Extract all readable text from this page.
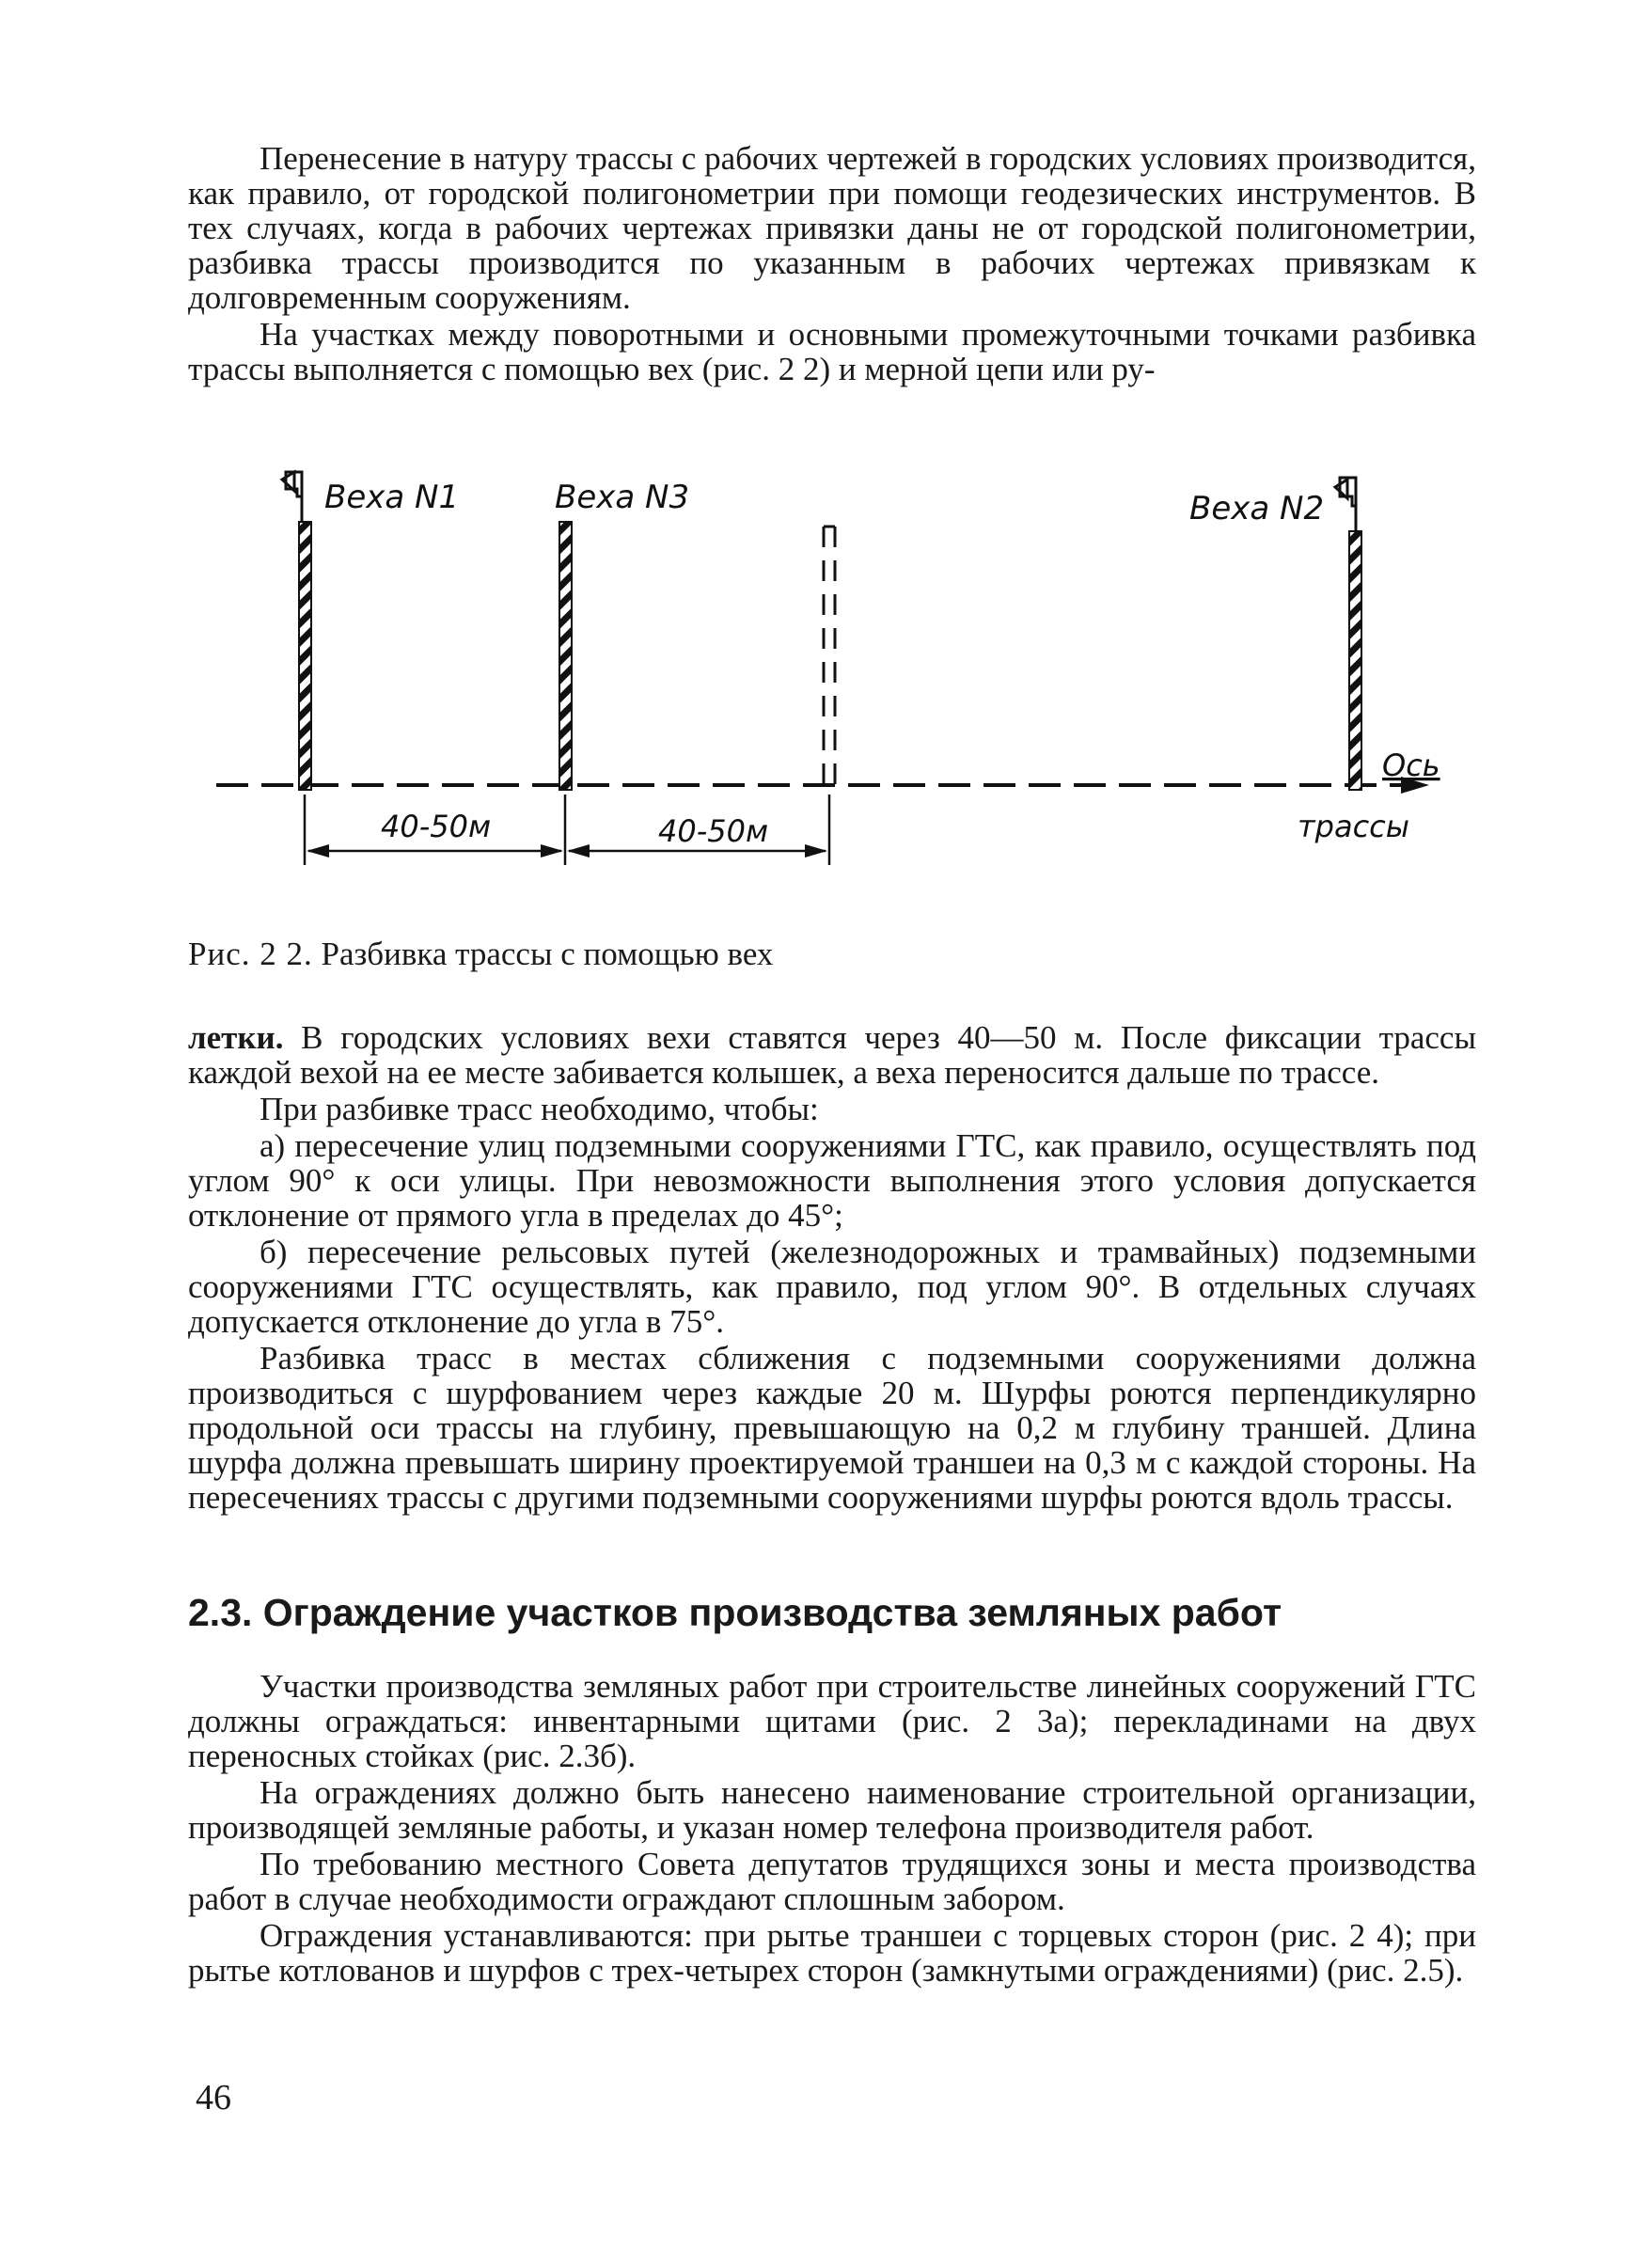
Перенесение в натуру трассы с рабочих чертежей в городских условиях производится, как правило, от городской полигонометрии при помощи геодезических инструментов. В тех случаях, когда в рабочих чертежах привязки даны не от городской полигонометрии, разбивка трассы производится по указанным в рабочих чертежах привязкам к долговременным сооружениям.

На участках между поворотными и основными промежуточными точками разбивка трассы выполняется с помощью вех (рис. 2 2) и мерной цепи или ру-

Веха N1	Веха N3	Веха N2
Ось
трассы
40-50м	40-50м
Рис. 2 2. Разбивка трассы с помощью вех

летки. В городских условиях вехи ставятся через 40—50 м. После фиксации трассы каждой вехой на ее месте забивается колышек, а веха переносится дальше по трассе.

При разбивке трасс необходимо, чтобы:

а) пересечение улиц подземными сооружениями ГТС, как правило, осуществлять под углом 90° к оси улицы. При невозможности выполнения этого условия допускается отклонение от прямого угла в пределах до 45°;

б) пересечение рельсовых путей (железнодорожных и трамвайных) подземными сооружениями ГТС осуществлять, как правило, под углом 90°. В отдельных случаях допускается отклонение до угла в 75°.

Разбивка трасс в местах сближения с подземными сооружениями должна производиться с шурфованием через каждые 20 м. Шурфы роются перпендикулярно продольной оси трассы на глубину, превышающую на 0,2 м глубину траншей. Длина шурфа должна превышать ширину проектируемой траншеи на 0,3 м с каждой стороны. На пересечениях трассы с другими подземными сооружениями шурфы роются вдоль трассы.

2.3. Ограждение участков производства земляных работ

Участки производства земляных работ при строительстве линейных сооружений ГТС должны ограждаться: инвентарными щитами (рис. 2 3а); перекладинами на двух переносных стойках (рис. 2.3б).

На ограждениях должно быть нанесено наименование строительной организации, производящей земляные работы, и указан номер телефона производителя работ.

По требованию местного Совета депутатов трудящихся зоны и места производства работ в случае необходимости ограждают сплошным забором.

Ограждения устанавливаются: при рытье траншеи с торцевых сторон (рис. 2 4); при рытье котлованов и шурфов с трех-четырех сторон (замкнутыми ограждениями) (рис. 2.5).

46
